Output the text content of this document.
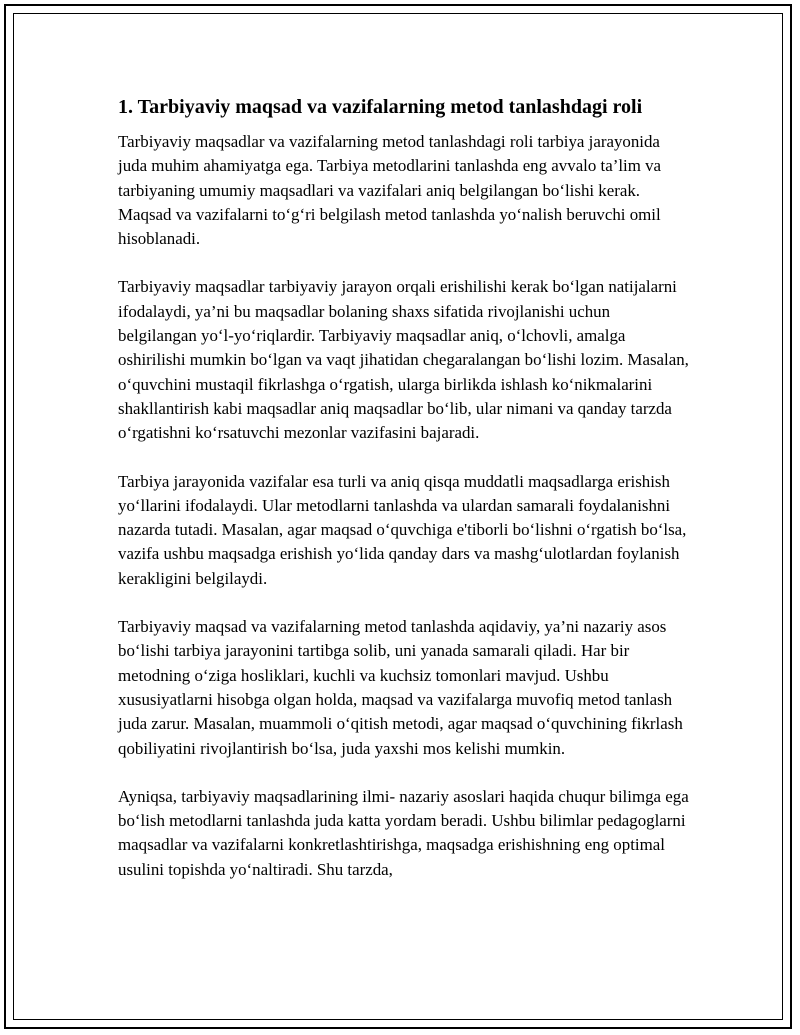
1. Tarbiyaviy maqsad va vazifalarning metod tanlashdagi roli

Tarbiyaviy maqsadlar va vazifalarning metod tanlashdagi roli tarbiya jarayonida juda muhim ahamiyatga ega. Tarbiya metodlarini tanlashda eng avvalo ta’lim va tarbiyaning umumiy maqsadlari va vazifalari aniq belgilangan boʻlishi kerak. Maqsad va vazifalarni toʻgʻri belgilash metod tanlashda yoʻnalish beruvchi omil hisoblanadi.

Tarbiyaviy maqsadlar tarbiyaviy jarayon orqali erishilishi kerak boʻlgan natijalarni ifodalaydi, ya’ni bu maqsadlar bolaning shaxs sifatida rivojlanishi uchun belgilangan yoʻl-yoʻriqlardir. Tarbiyaviy maqsadlar aniq, oʻlchovli, amalga oshirilishi mumkin boʻlgan va vaqt jihatidan chegaralangan boʻlishi lozim. Masalan, oʻquvchini mustaqil fikrlashga oʻrgatish, ularga birlikda ishlash koʻnikmalarini shakllantirish kabi maqsadlar aniq maqsadlar boʻlib, ular nimani va qanday tarzda oʻrgatishni koʻrsatuvchi mezonlar vazifasini bajaradi.

Tarbiya jarayonida vazifalar esa turli va aniq qisqa muddatli maqsadlarga erishish yoʻllarini ifodalaydi. Ular metodlarni tanlashda va ulardan samarali foydalanishni nazarda tutadi. Masalan, agar maqsad oʻquvchiga e'tiborli boʻlishni oʻrgatish boʻlsa, vazifa ushbu maqsadga erishish yoʻlida qanday dars va mashgʻulotlardan foylanish kerakligini belgilaydi.

Tarbiyaviy maqsad va vazifalarning metod tanlashda aqidaviy, ya’ni nazariy asos boʻlishi tarbiya jarayonini tartibga solib, uni yanada samarali qiladi. Har bir metodning oʻziga hosliklari, kuchli va kuchsiz tomonlari mavjud. Ushbu xususiyatlarni hisobga olgan holda, maqsad va vazifalarga muvofiq metod tanlash juda zarur. Masalan, muammoli oʻqitish metodi, agar maqsad oʻquvchining fikrlash qobiliyatini rivojlantirish boʻlsa, juda yaxshi mos kelishi mumkin.

Ayniqsa, tarbiyaviy maqsadlarining ilmi- nazariy asoslari haqida chuqur bilimga ega boʻlish metodlarni tanlashda juda katta yordam beradi. Ushbu bilimlar pedagoglarni maqsadlar va vazifalarni konkretlashtirishga, maqsadga erishishning eng optimal usulini topishda yoʻnaltiradi. Shu tarzda,
